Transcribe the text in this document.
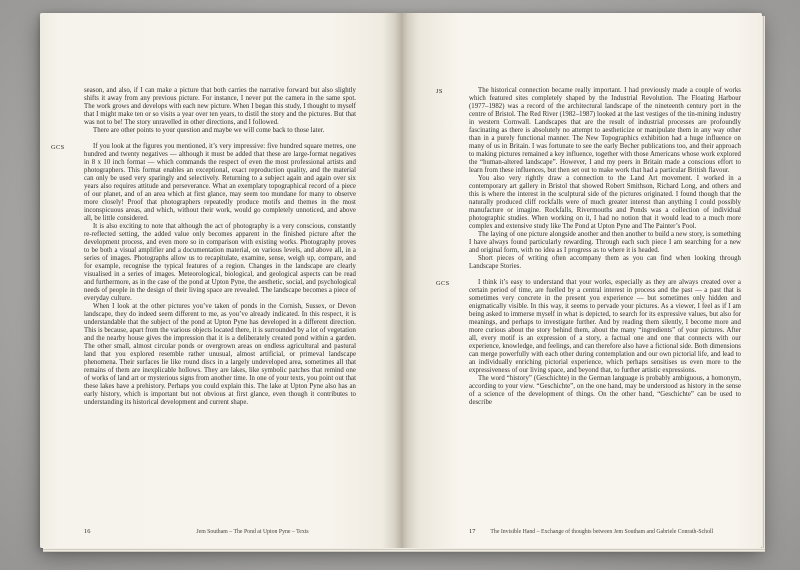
season, and also, if I can make a picture that both carries the narrative forward but also slightly shifts it away from any previous picture. For instance, I never put the camera in the same spot. The work grows and develops with each new picture. When I began this study, I thought to myself that I might make ten or so visits a year over ten years, to distil the story and the pictures. But that was not to be! The story unravelled in other directions, and I followed.

There are other points to your question and maybe we will come back to those later.

GCS	If you look at the figures you mentioned, it’s very impressive: five hundred square metres, one hundred and twenty negatives — although it must be added that these are large-format negatives in 8 x 10 inch format — which commands the respect of even the most professional artists and photographers. This format enables an exceptional, exact reproduction quality, and the material can only be used very sparingly and selectively. Returning to a subject again and again over six years also requires attitude and perseverance. What an exemplary topographical record of a piece of our planet, and of an area which at first glance, may seem too mundane for many to observe more closely! Proof that photographers repeatedly produce motifs and themes in the most inconspicuous areas, and which, without their work, would go completely unnoticed, and above all, be little considered.

It is also exciting to note that although the act of photography is a very conscious, constantly re-reflected setting, the added value only becomes apparent in the finished picture after the development process, and even more so in comparison with existing works. Photography proves to be both a visual amplifier and a documentation material, on various levels, and above all, in a series of images. Photographs allow us to recapitulate, examine, sense, weigh up, compare, and for example, recognise the typical features of a region. Changes in the landscape are clearly visualised in a series of images. Meteorological, biological, and geological aspects can be read and furthermore, as in the case of the pond at Upton Pyne, the aesthetic, social, and psychological needs of people in the design of their living space are revealed. The landscape becomes a piece of everyday culture.

When I look at the other pictures you’ve taken of ponds in the Cornish, Sussex, or Devon landscape, they do indeed seem different to me, as you’ve already indicated. In this respect, it is understandable that the subject of the pond at Upton Pyne has developed in a different direction. This is because, apart from the various objects located there, it is surrounded by a lot of vegetation and the nearby house gives the impression that it is a deliberately created pond within a garden. The other small, almost circular ponds or overgrown areas on endless agricultural and pastural land that you explored resemble rather unusual, almost artificial, or primeval landscape phenomena. Their surfaces lie like round discs in a largely undeveloped area, sometimes all that remains of them are inexplicable hollows. They are lakes, like symbolic patches that remind one of works of land art or mysterious signs from another time. In one of your texts, you point out that these lakes have a prehistory. Perhaps you could explain this. The lake at Upton Pyne also has an early history, which is important but not obvious at first glance, even though it contributes to understanding its historical development and current shape.

16	Jem Southam – The Pond at Upton Pyne – Texts
JS	The historical connection became really important. I had previously made a couple of works which featured sites completely shaped by the Industrial Revolution. The Floating Harbour (1977–1982) was a record of the architectural landscape of the nineteenth century port in the centre of Bristol. The Red River (1982–1987) looked at the last vestiges of the tin-mining industry in western Cornwall. Landscapes that are the result of industrial processes are profoundly fascinating as there is absolutely no attempt to aestheticize or manipulate them in any way other than in a purely functional manner. The New Topographics exhibition had a huge influence on many of us in Britain. I was fortunate to see the early Becher publications too, and their approach to making pictures remained a key influence, together with those Americans whose work explored the “human-altered landscape”. However, I and my peers in Britain made a conscious effort to learn from these influences, but then set out to make work that had a particular British flavour.

You also very rightly draw a connection to the Land Art movement. I worked in a contemporary art gallery in Bristol that showed Robert Smithson, Richard Long, and others and this is where the interest in the sculptural side of the pictures originated. I found though that the naturally produced cliff rockfalls were of much greater interest than anything I could possibly manufacture or imagine. Rockfalls, Rivermouths and Ponds was a collection of individual photographic studies. When working on it, I had no notion that it would lead to a much more complex and extensive study like The Pond at Upton Pyne and The Painter’s Pool.

The laying of one picture alongside another and then another to build a new story, is something I have always found particularly rewarding. Through each such piece I am searching for a new and original form, with no idea as I progress as to where it is headed.

Short pieces of writing often accompany them as you can find when looking through Landscape Stories.

GCS	I think it’s easy to understand that your works, especially as they are always created over a certain period of time, are fuelled by a central interest in process and the past — a past that is sometimes very concrete in the present you experience — but sometimes only hidden and enigmatically visible. In this way, it seems to pervade your pictures. As a viewer, I feel as if I am being asked to immerse myself in what is depicted, to search for its expressive values, but also for meanings, and perhaps to investigate further. And by reading them silently, I become more and more curious about the story behind them, about the many “ingredients” of your pictures. After all, every motif is an expression of a story, a factual one and one that connects with our experience, knowledge, and feelings, and can therefore also have a fictional side. Both dimensions can merge powerfully with each other during contemplation and our own pictorial life, and lead to an individually enriching pictorial experience, which perhaps sensitises us even more to the expressiveness of our living space, and beyond that, to further artistic expressions.

The word “history” (Geschichte) in the German language is probably ambiguous, a homonym, according to your view. “Geschichte”, on the one hand, may be understood as history in the sense of a science of the development of things. On the other hand, “Geschichte” can be used to describe

17	The Invisible Hand – Exchange of thoughts between Jem Southam and Gabriele Conrath-Scholl
